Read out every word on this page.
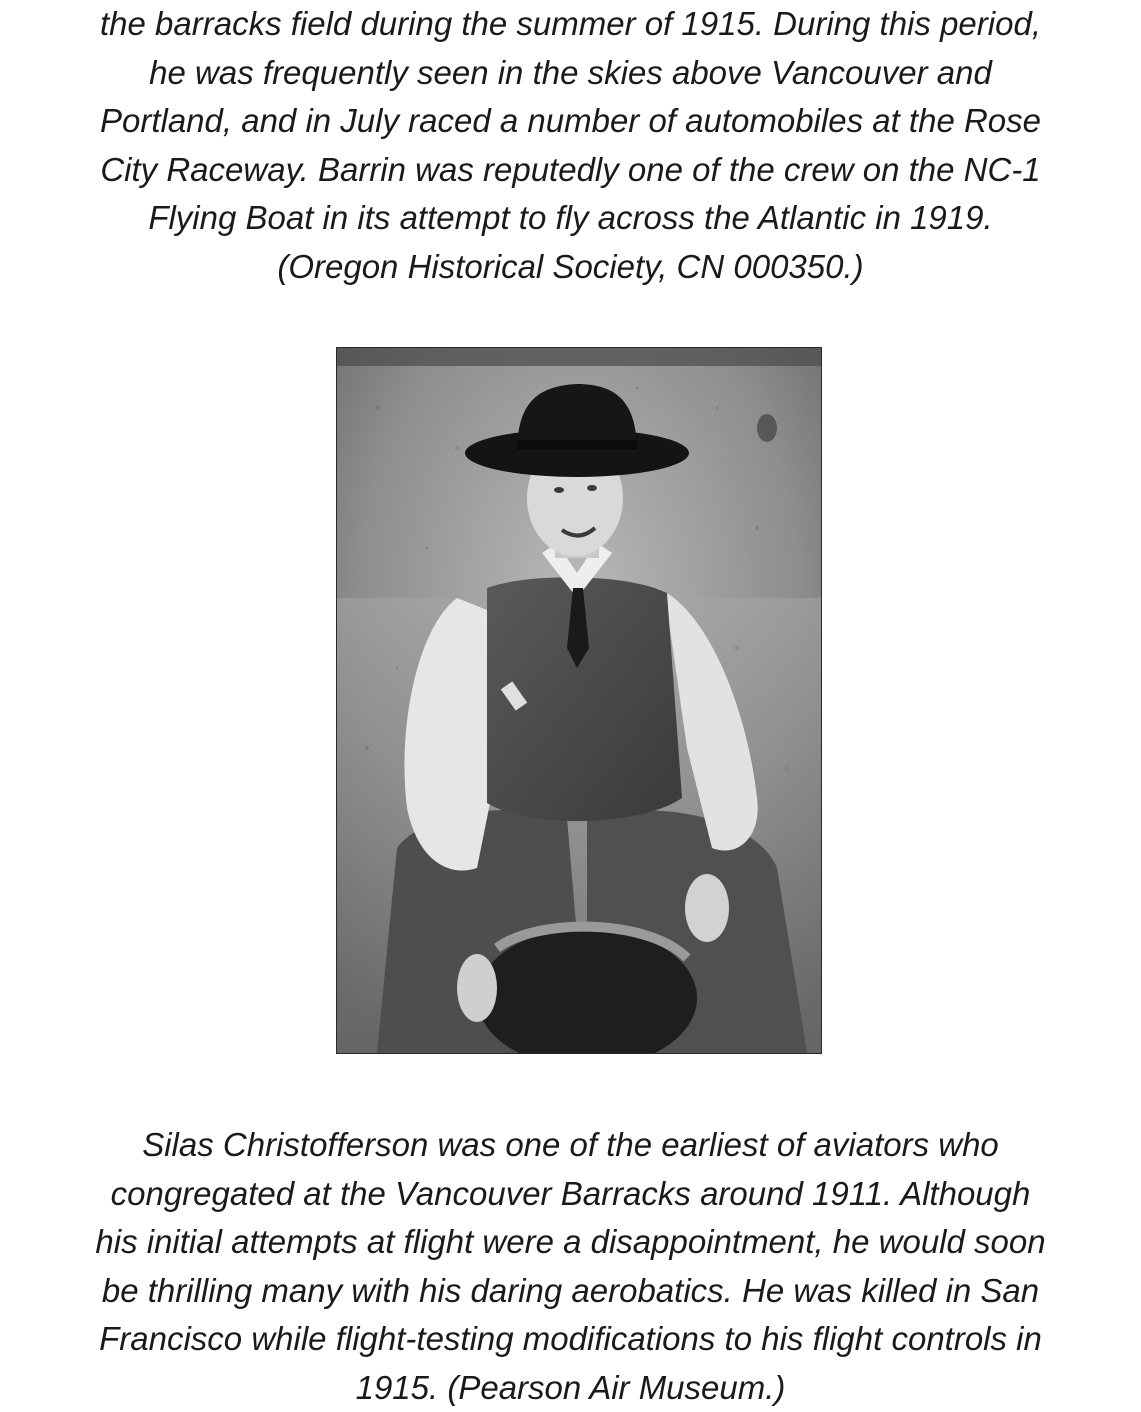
the barracks field during the summer of 1915. During this period,
he was frequently seen in the skies above Vancouver and
Portland, and in July raced a number of automobiles at the Rose
City Raceway. Barrin was reputedly one of the crew on the NC-1
Flying Boat in its attempt to fly across the Atlantic in 1919.
(Oregon Historical Society, CN 000350.)

Silas Christofferson was one of the earliest of aviators who
congregated at the Vancouver Barracks around 1911. Although
his initial attempts at flight were a disappointment, he would soon
be thrilling many with his daring aerobatics. He was killed in San
Francisco while flight-testing modifications to his flight controls in
1915. (Pearson Air Museum.)
